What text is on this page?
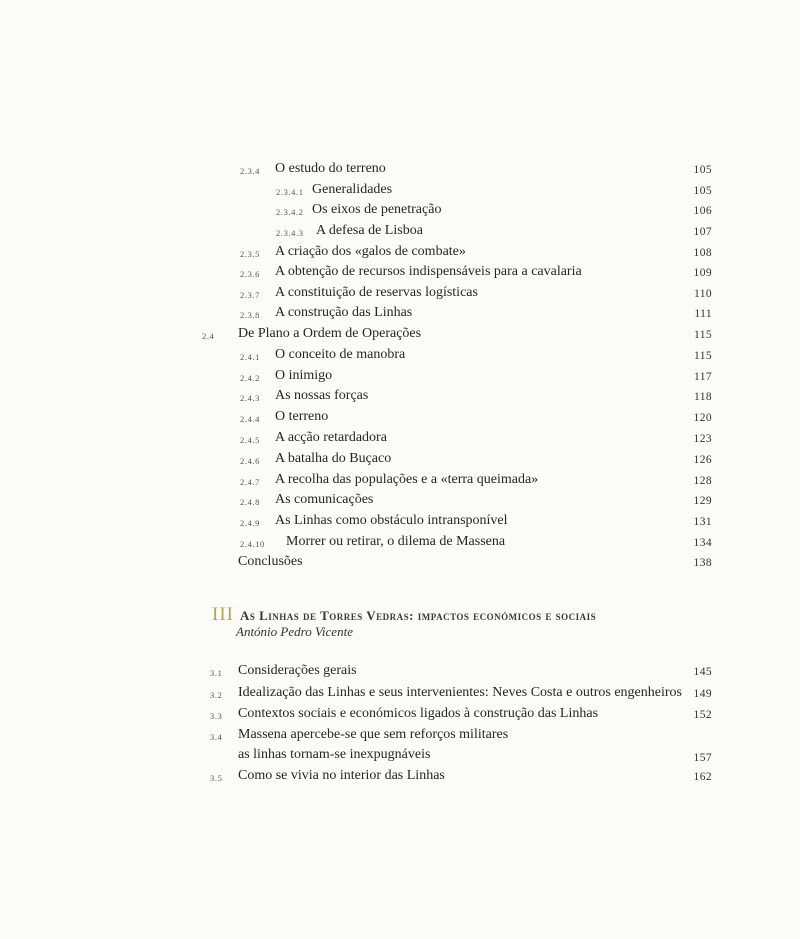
2.3.4 O estudo do terreno	105
2.3.4.1 Generalidades	105
2.3.4.2 Os eixos de penetração	106
2.3.4.3 A defesa de Lisboa	107
2.3.5 A criação dos «galos de combate»	108
2.3.6 A obtenção de recursos indispensáveis para a cavalaria	109
2.3.7 A constituição de reservas logísticas	110
2.3.8 A construção das Linhas	111
2.4 De Plano a Ordem de Operações	115
2.4.1 O conceito de manobra	115
2.4.2 O inimigo	117
2.4.3 As nossas forças	118
2.4.4 O terreno	120
2.4.5 A acção retardadora	123
2.4.6 A batalha do Buçaco	126
2.4.7 A recolha das populações e a «terra queimada»	128
2.4.8 As comunicações	129
2.4.9 As Linhas como obstáculo intransponível	131
2.4.10 Morrer ou retirar, o dilema de Massena	134
Conclusões	138
III As Linhas de Torres Vedras: impactos económicos e sociais
António Pedro Vicente
3.1 Considerações gerais	145
3.2 Idealização das Linhas e seus intervenientes: Neves Costa e outros engenheiros 149
3.3 Contextos sociais e económicos ligados à construção das Linhas	152
3.4 Massena apercebe-se que sem reforços militares
as linhas tornam-se inexpugnáveis	157
3.5 Como se vivia no interior das Linhas	162
